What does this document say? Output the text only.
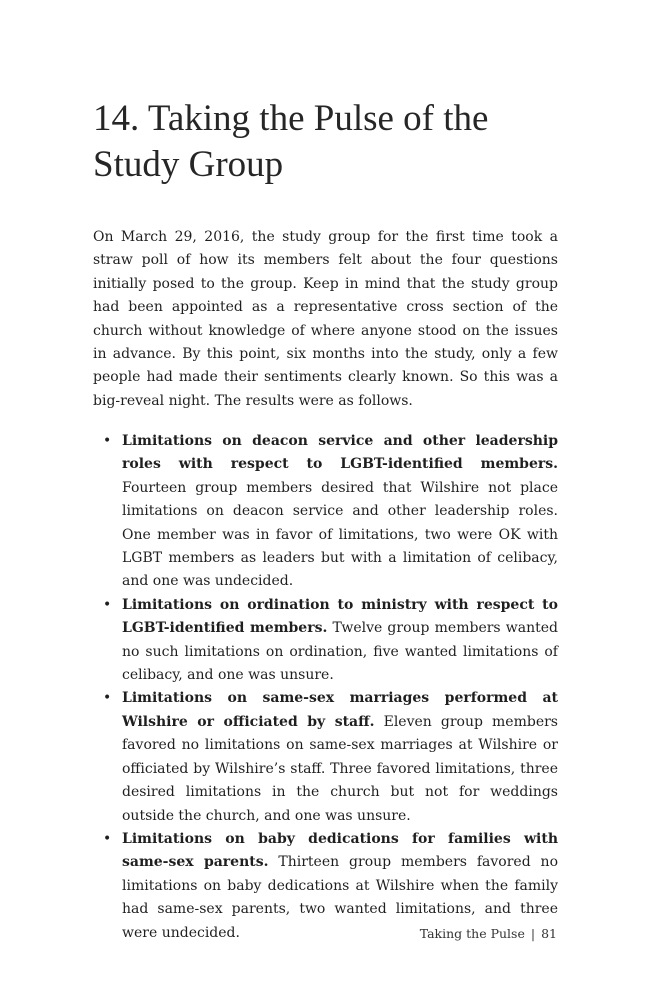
14. Taking the Pulse of the Study Group

On March 29, 2016, the study group for the first time took a straw poll of how its members felt about the four questions initially posed to the group. Keep in mind that the study group had been appointed as a representative cross section of the church without knowledge of where anyone stood on the issues in advance. By this point, six months into the study, only a few people had made their sentiments clearly known. So this was a big-reveal night. The results were as follows.

• Limitations on deacon service and other leadership roles with respect to LGBT-identified members. Fourteen group members desired that Wilshire not place limitations on deacon service and other leadership roles. One member was in favor of limitations, two were OK with LGBT members as leaders but with a limitation of celibacy, and one was undecided.
• Limitations on ordination to ministry with respect to LGBT-identified members. Twelve group members wanted no such limitations on ordination, five wanted limitations of celibacy, and one was unsure.
• Limitations on same-sex marriages performed at Wilshire or officiated by staff. Eleven group members favored no limitations on same-sex marriages at Wilshire or officiated by Wilshire’s staff. Three favored limitations, three desired limitations in the church but not for weddings outside the church, and one was unsure.
• Limitations on baby dedications for families with same-sex parents. Thirteen group members favored no limitations on baby dedications at Wilshire when the family had same-sex parents, two wanted limitations, and three were undecided.	Taking the Pulse | 81
